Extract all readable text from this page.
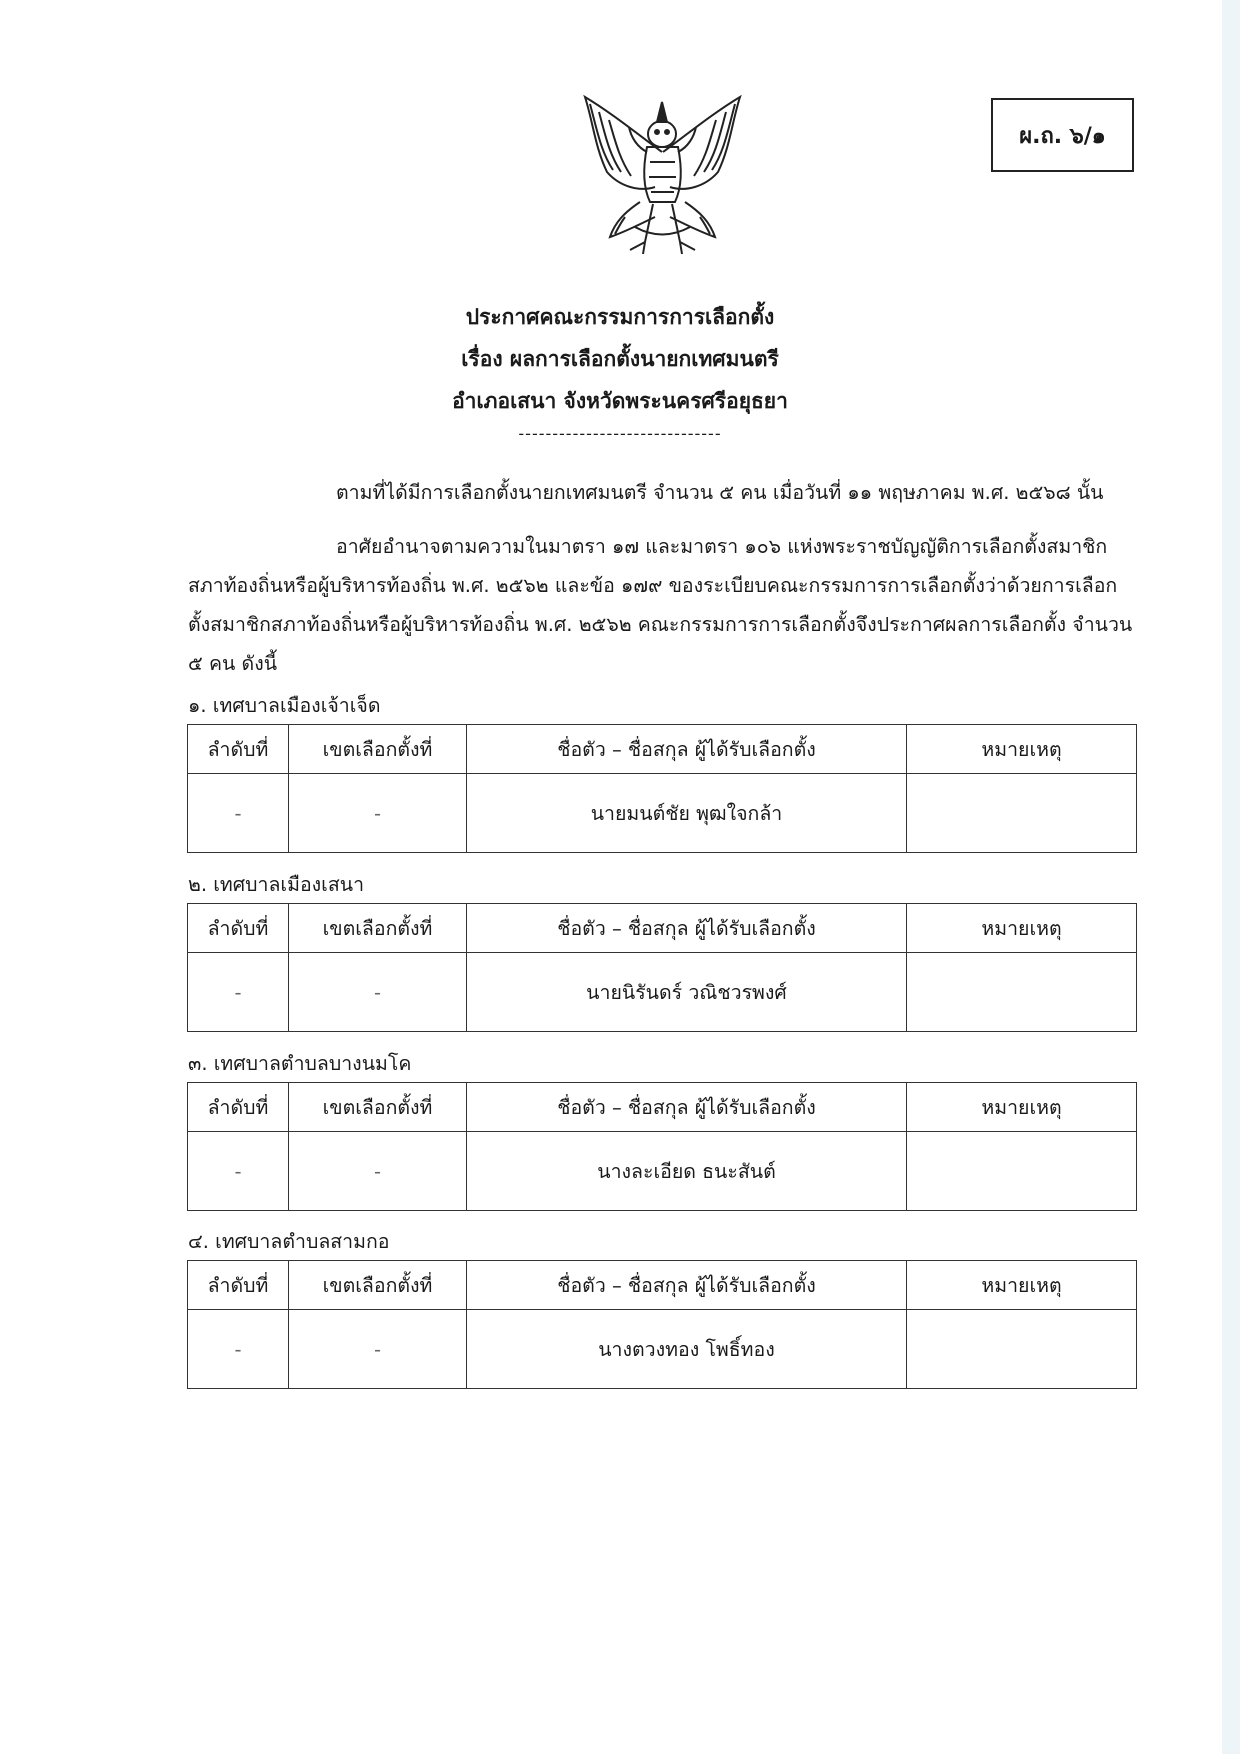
ผ.ถ. ๖/๑

ประกาศคณะกรรมการการเลือกตั้ง

เรื่อง ผลการเลือกตั้งนายกเทศมนตรี

อำเภอเสนา จังหวัดพระนครศรีอยุธยา

------------------------------

ตามที่ได้มีการเลือกตั้งนายกเทศมนตรี จำนวน ๕ คน เมื่อวันที่ ๑๑ พฤษภาคม พ.ศ. ๒๕๖๘ นั้น

อาศัยอำนาจตามความในมาตรา ๑๗ และมาตรา ๑๐๖ แห่งพระราชบัญญัติการเลือกตั้งสมาชิกสภาท้องถิ่นหรือผู้บริหารท้องถิ่น พ.ศ. ๒๕๖๒ และข้อ ๑๗๙ ของระเบียบคณะกรรมการการเลือกตั้งว่าด้วยการเลือกตั้งสมาชิกสภาท้องถิ่นหรือผู้บริหารท้องถิ่น พ.ศ. ๒๕๖๒ คณะกรรมการการเลือกตั้งจึงประกาศผลการเลือกตั้ง จำนวน ๕ คน ดังนี้

๑. เทศบาลเมืองเจ้าเจ็ด
ลำดับที่	เขตเลือกตั้งที่	ชื่อตัว – ชื่อสกุล ผู้ได้รับเลือกตั้ง	หมายเหตุ
-	-	นายมนต์ชัย พุฒใจกล้า	
๒. เทศบาลเมืองเสนา
ลำดับที่	เขตเลือกตั้งที่	ชื่อตัว – ชื่อสกุล ผู้ได้รับเลือกตั้ง	หมายเหตุ
-	-	นายนิรันดร์ วณิชวรพงศ์	
๓. เทศบาลตำบลบางนมโค
ลำดับที่	เขตเลือกตั้งที่	ชื่อตัว – ชื่อสกุล ผู้ได้รับเลือกตั้ง	หมายเหตุ
-	-	นางละเอียด ธนะสันต์	
๔. เทศบาลตำบลสามกอ
ลำดับที่	เขตเลือกตั้งที่	ชื่อตัว – ชื่อสกุล ผู้ได้รับเลือกตั้ง	หมายเหตุ
-	-	นางตวงทอง โพธิ์ทอง	
